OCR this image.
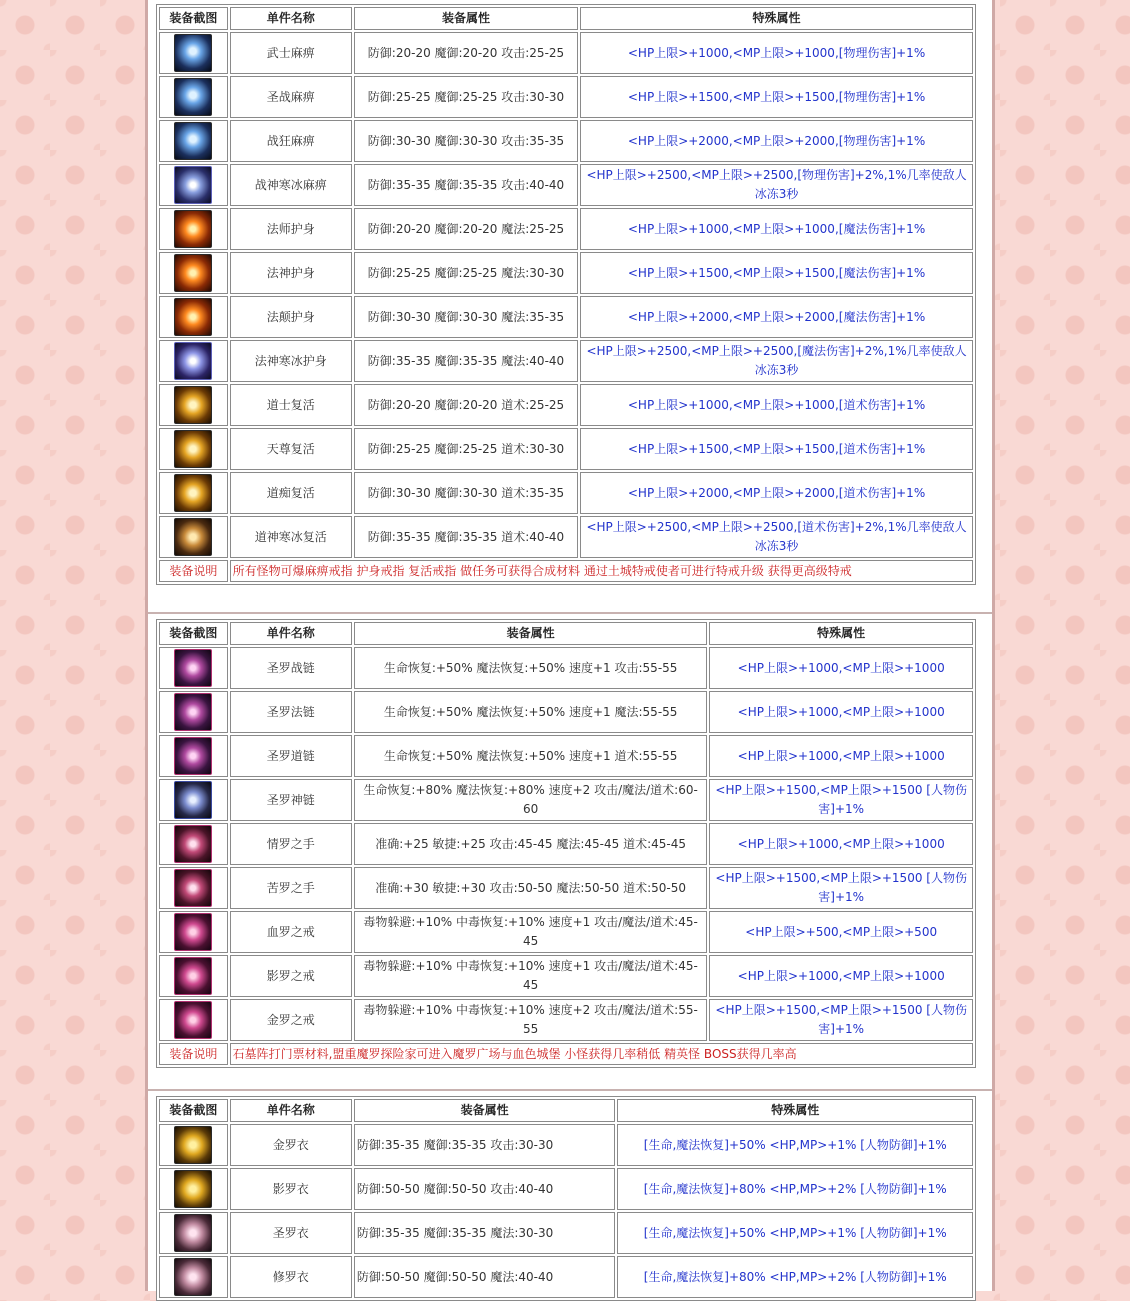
装备截图	单件名称	装备属性	特殊属性

	武士麻痹	防御:20-20 魔御:20-20 攻击:25-25	<HP上限>+1000,<MP上限>+1000,[物理伤害]+1%

	圣战麻痹	防御:25-25 魔御:25-25 攻击:30-30	<HP上限>+1500,<MP上限>+1500,[物理伤害]+1%

	战狂麻痹	防御:30-30 魔御:30-30 攻击:35-35	<HP上限>+2000,<MP上限>+2000,[物理伤害]+1%

	战神寒冰麻痹	防御:35-35 魔御:35-35 攻击:40-40	<HP上限>+2500,<MP上限>+2500,[物理伤害]+2%,1%几率使敌人冰冻3秒

	法师护身	防御:20-20 魔御:20-20 魔法:25-25	<HP上限>+1000,<MP上限>+1000,[魔法伤害]+1%

	法神护身	防御:25-25 魔御:25-25 魔法:30-30	<HP上限>+1500,<MP上限>+1500,[魔法伤害]+1%

	法颠护身	防御:30-30 魔御:30-30 魔法:35-35	<HP上限>+2000,<MP上限>+2000,[魔法伤害]+1%

	法神寒冰护身	防御:35-35 魔御:35-35 魔法:40-40	<HP上限>+2500,<MP上限>+2500,[魔法伤害]+2%,1%几率使敌人冰冻3秒

	道士复活	防御:20-20 魔御:20-20 道术:25-25	<HP上限>+1000,<MP上限>+1000,[道术伤害]+1%

	天尊复活	防御:25-25 魔御:25-25 道术:30-30	<HP上限>+1500,<MP上限>+1500,[道术伤害]+1%

	道痴复活	防御:30-30 魔御:30-30 道术:35-35	<HP上限>+2000,<MP上限>+2000,[道术伤害]+1%

	道神寒冰复活	防御:35-35 魔御:35-35 道术:40-40	<HP上限>+2500,<MP上限>+2500,[道术伤害]+2%,1%几率使敌人冰冻3秒
装备说明	所有怪物可爆麻痹戒指 护身戒指 复活戒指 做任务可获得合成材料 通过土城特戒使者可进行特戒升级 获得更高级特戒		
装备截图	单件名称	装备属性	特殊属性

	圣罗战链	生命恢复:+50% 魔法恢复:+50% 速度+1 攻击:55-55	<HP上限>+1000,<MP上限>+1000

	圣罗法链	生命恢复:+50% 魔法恢复:+50% 速度+1 魔法:55-55	<HP上限>+1000,<MP上限>+1000

	圣罗道链	生命恢复:+50% 魔法恢复:+50% 速度+1 道术:55-55	<HP上限>+1000,<MP上限>+1000

	圣罗神链	生命恢复:+80% 魔法恢复:+80% 速度+2 攻击/魔法/道术:60-60	<HP上限>+1500,<MP上限>+1500 [人物伤害]+1%

	情罗之手	准确:+25 敏捷:+25 攻击:45-45 魔法:45-45 道术:45-45	<HP上限>+1000,<MP上限>+1000

	苦罗之手	准确:+30 敏捷:+30 攻击:50-50 魔法:50-50 道术:50-50	<HP上限>+1500,<MP上限>+1500 [人物伤害]+1%

	血罗之戒	毒物躲避:+10% 中毒恢复:+10% 速度+1 攻击/魔法/道术:45-45	<HP上限>+500,<MP上限>+500

	影罗之戒	毒物躲避:+10% 中毒恢复:+10% 速度+1 攻击/魔法/道术:45-45	<HP上限>+1000,<MP上限>+1000

	金罗之戒	毒物躲避:+10% 中毒恢复:+10% 速度+2 攻击/魔法/道术:55-55	<HP上限>+1500,<MP上限>+1500 [人物伤害]+1%
装备说明	石墓阵打门票材料,盟重魔罗探险家可进入魔罗广场与血色城堡 小怪获得几率稍低 精英怪 BOSS获得几率高		
装备截图	单件名称	装备属性	特殊属性

	金罗衣	防御:35-35 魔御:35-35 攻击:30-30	[生命,魔法恢复]+50% <HP,MP>+1% [人物防御]+1%

	影罗衣	防御:50-50 魔御:50-50 攻击:40-40	[生命,魔法恢复]+80% <HP,MP>+2% [人物防御]+1%

	圣罗衣	防御:35-35 魔御:35-35 魔法:30-30	[生命,魔法恢复]+50% <HP,MP>+1% [人物防御]+1%

	修罗衣	防御:50-50 魔御:50-50 魔法:40-40	[生命,魔法恢复]+80% <HP,MP>+2% [人物防御]+1%
